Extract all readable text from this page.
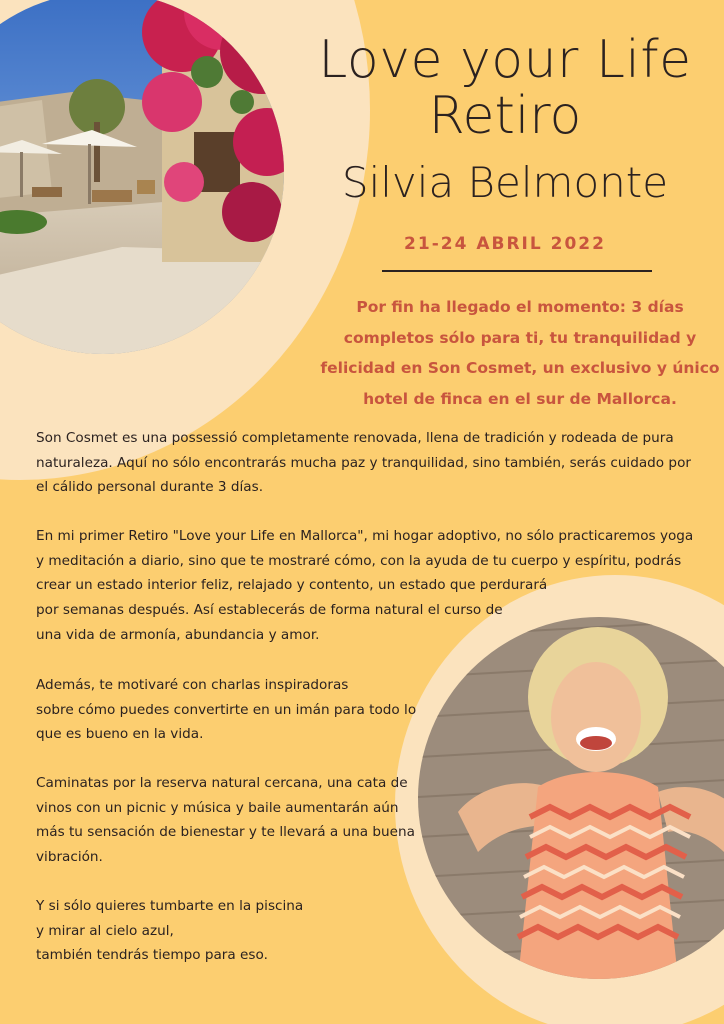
Love your Life
Retiro
Silvia Belmonte
21-24 ABRIL 2022
Por fin ha llegado el momento: 3 días
completos sólo para ti, tu tranquilidad y
felicidad en Son Cosmet, un exclusivo y único
hotel de finca en el sur de Mallorca.
Son Cosmet es una possessió completamente renovada, llena de tradición y rodeada de pura
naturaleza. Aquí no sólo encontrarás mucha paz y tranquilidad, sino también, serás cuidado por
el cálido personal durante 3 días.
En mi primer Retiro "Love your Life en Mallorca", mi hogar adoptivo, no sólo practicaremos yoga
y meditación a diario, sino que te mostraré cómo, con la ayuda de tu cuerpo y espíritu, podrás
crear un estado interior feliz, relajado y contento, un estado que perdurará
por semanas después. Así establecerás de forma natural el curso de
una vida de armonía, abundancia y amor.
Además, te motivaré con charlas inspiradoras
sobre cómo puedes convertirte en un imán para todo lo
que es bueno en la vida.
Caminatas por la reserva natural cercana, una cata de
vinos con un picnic y música y baile aumentarán aún
más tu sensación de bienestar y te llevará a una buena
vibración.
Y si sólo quieres tumbarte en la piscina
y mirar al cielo azul,
también tendrás tiempo para eso.
